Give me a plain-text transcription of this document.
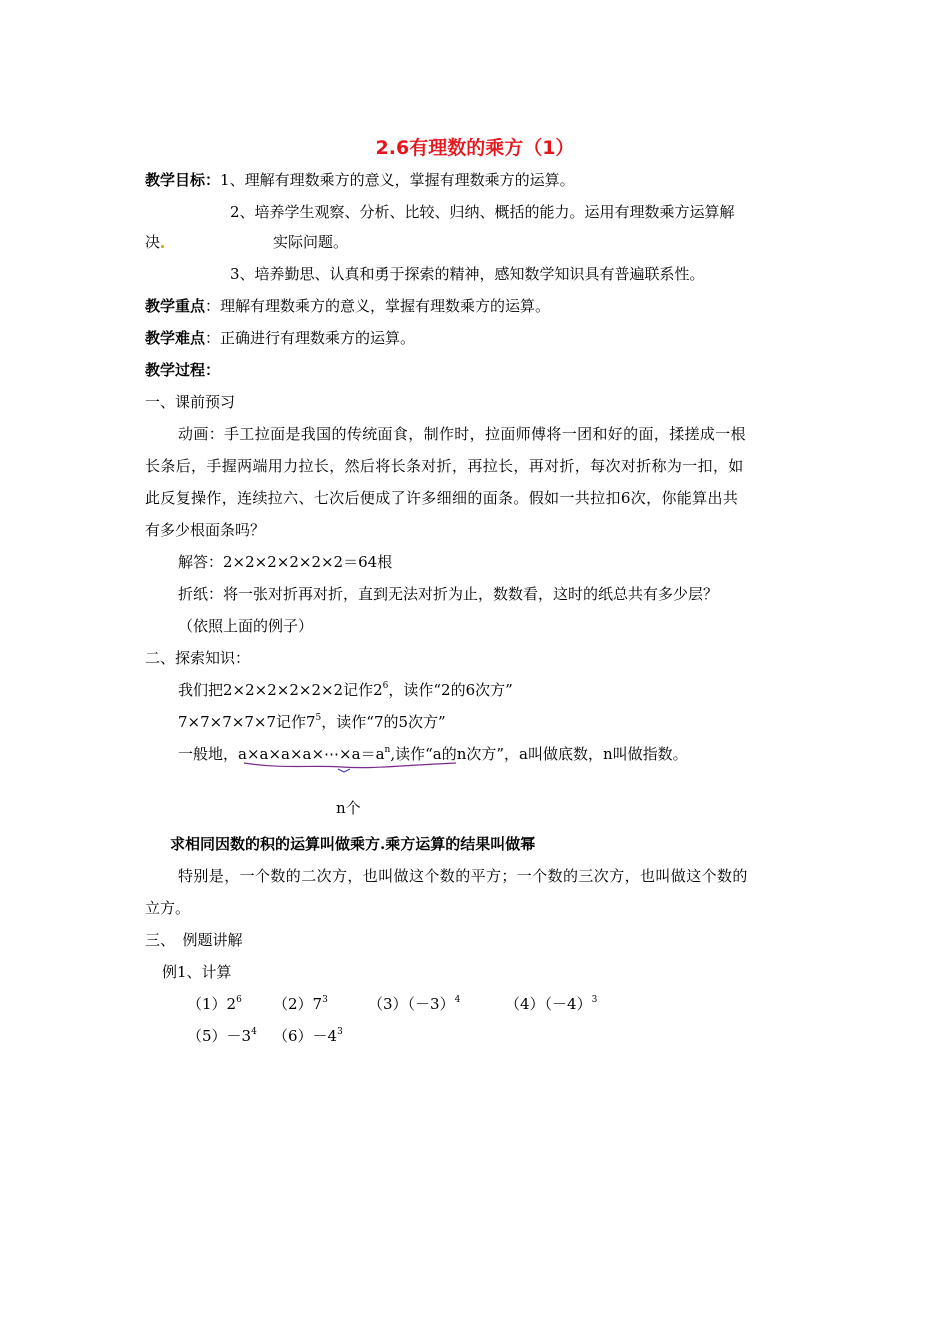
2.6有理数的乘方（1）
教学目标：1、理解有理数乘方的意义，掌握有理数乘方的运算。
2、培养学生观察、分析、比较、归纳、概括的能力。运用有理数乘方运算解
决	实际问题。
3、培养勤思、认真和勇于探索的精神，感知数学知识具有普遍联系性。
教学重点：理解有理数乘方的意义，掌握有理数乘方的运算。
教学难点：正确进行有理数乘方的运算。
教学过程：
一、课前预习
动画：手工拉面是我国的传统面食，制作时，拉面师傅将一团和好的面，揉搓成一根
长条后，手握两端用力拉长，然后将长条对折，再拉长，再对折，每次对折称为一扣，如
此反复操作，连续拉六、七次后便成了许多细细的面条。假如一共拉扣6次，你能算出共
有多少根面条吗？
解答：2×2×2×2×2×2＝64根
折纸：将一张对折再对折，直到无法对折为止，数数看，这时的纸总共有多少层？
（依照上面的例子）
二、探索知识：
我们把2×2×2×2×2×2记作$2^6$，读作“2的6次方”
7×7×7×7×7记作$7^5$，读作“7的5次方”
一般地，$a\times a\times a\times a\times\cdots\times a=a^n$,读作“a的n次方”，a叫做底数，n叫做指数。
n个
求相同因数的积的运算叫做乘方.乘方运算的结果叫做幂
特别是，一个数的二次方，也叫做这个数的平方；一个数的三次方，也叫做这个数的
立方。
三、　例题讲解
例1、计算
$(1)2^6$ $(2)7^3$	$(3)(-3)^4$	$(4)(-4)^3$
$(5)-3^4$ $(6)-4^3$
